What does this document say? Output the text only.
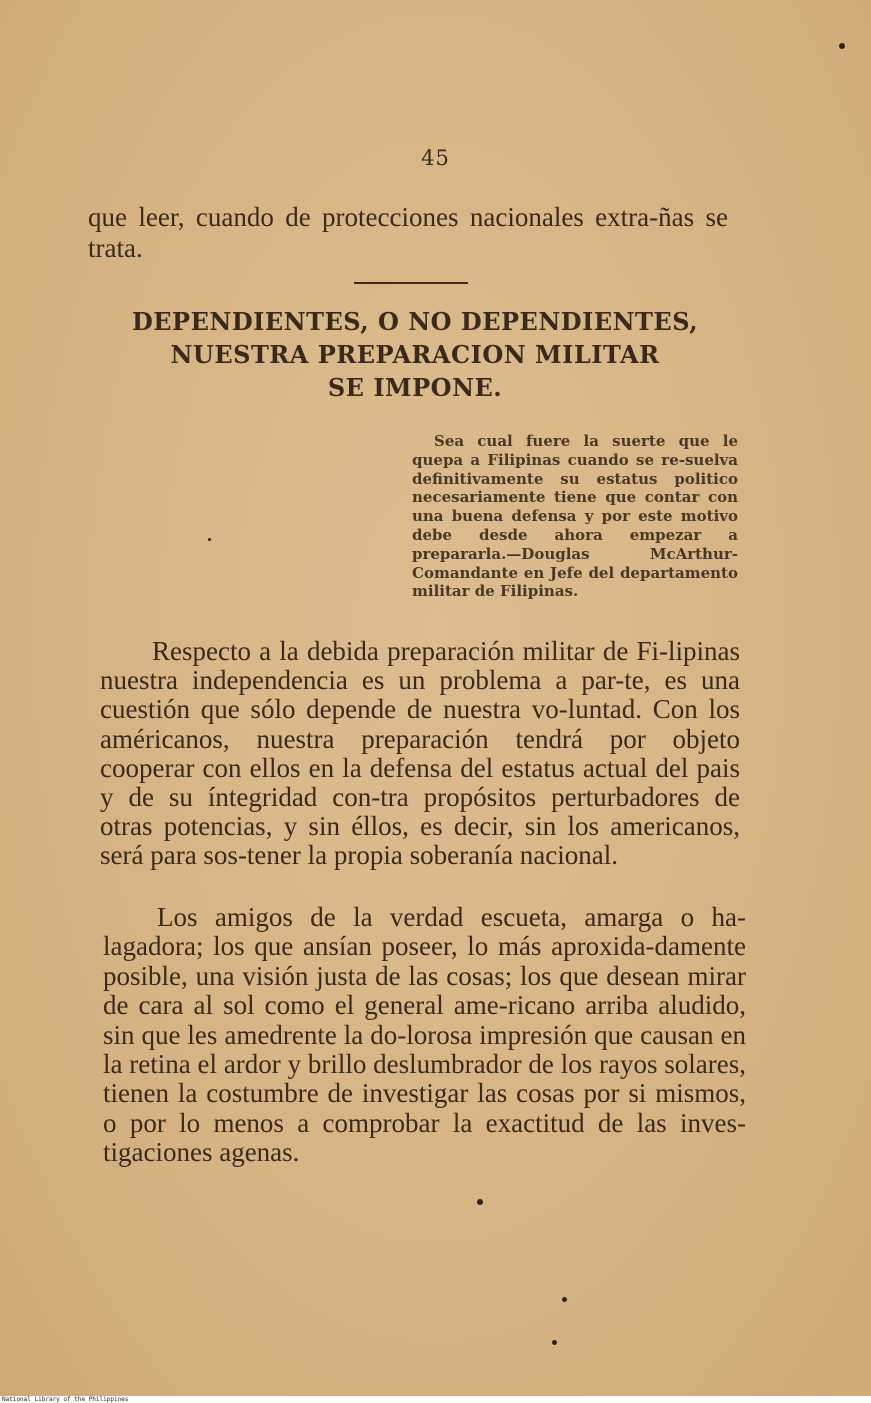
45
que leer, cuando de protecciones nacionales extra-ñas se trata.
DEPENDIENTES, O NO DEPENDIENTES,
NUESTRA PREPARACION MILITAR
SE IMPONE.
Sea cual fuere la suerte que le quepa a Filipinas cuando se re-suelva definitivamente su estatus politico necesariamente tiene que contar con una buena defensa y por este motivo debe desde ahora empezar a prepararla.—Douglas McArthur-Comandante en Jefe del departamento militar de Filipinas.
Respecto a la debida preparación militar de Fi-lipinas nuestra independencia es un problema a par-te, es una cuestión que sólo depende de nuestra vo-luntad. Con los américanos, nuestra preparación tendrá por objeto cooperar con ellos en la defensa del estatus actual del pais y de su íntegridad con-tra propósitos perturbadores de otras potencias, y sin éllos, es decir, sin los americanos, será para sos-tener la propia soberanía nacional.
Los amigos de la verdad escueta, amarga o ha-lagadora; los que ansían poseer, lo más aproxida-damente posible, una visión justa de las cosas; los que desean mirar de cara al sol como el general ame-ricano arriba aludido, sin que les amedrente la do-lorosa impresión que causan en la retina el ardor y brillo deslumbrador de los rayos solares, tienen la costumbre de investigar las cosas por si mismos, o por lo menos a comprobar la exactitud de las inves-tigaciones agenas.
National Library of the Philippines
